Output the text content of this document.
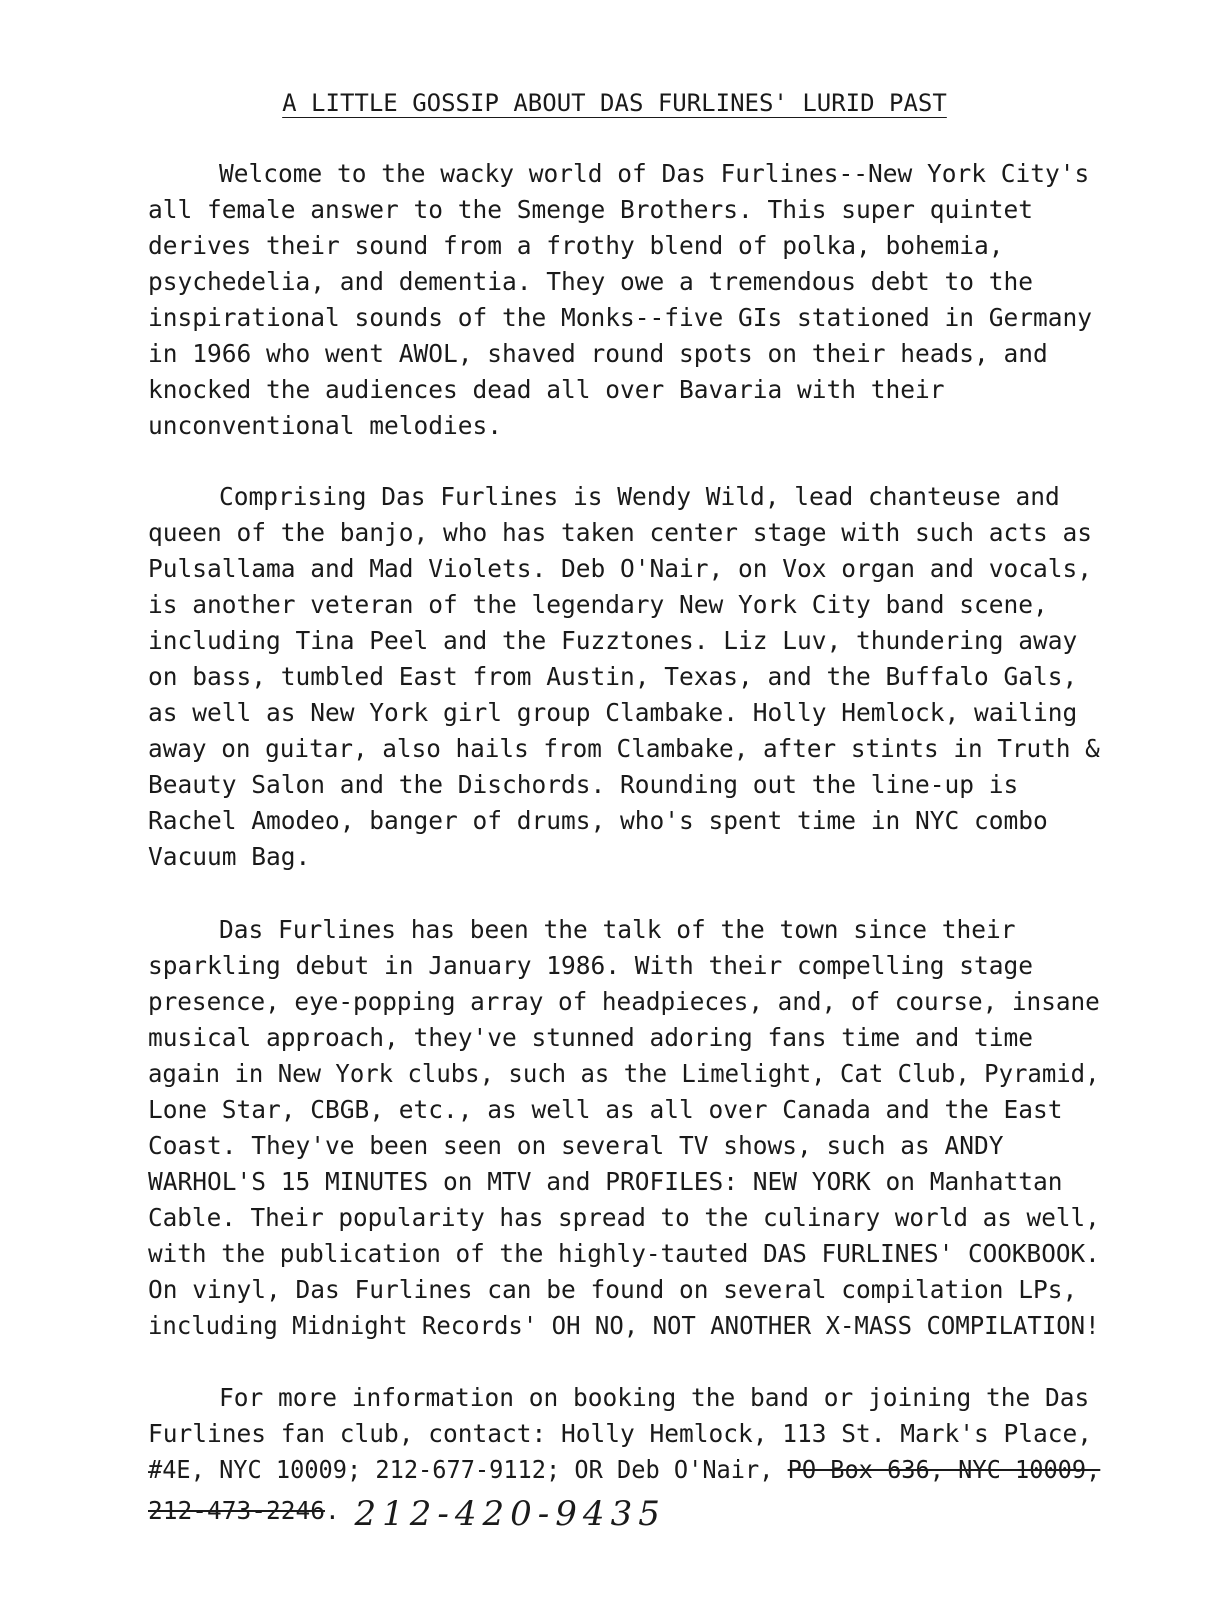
A LITTLE GOSSIP ABOUT DAS FURLINES' LURID PAST
Welcome to the wacky world of Das Furlines--New York City's
all female answer to the Smenge Brothers. This super quintet
derives their sound from a frothy blend of polka, bohemia,
psychedelia, and dementia. They owe a tremendous debt to the
inspirational sounds of the Monks--five GIs stationed in Germany
in 1966 who went AWOL, shaved round spots on their heads, and
knocked the audiences dead all over Bavaria with their
unconventional melodies.
Comprising Das Furlines is Wendy Wild, lead chanteuse and
queen of the banjo, who has taken center stage with such acts as
Pulsallama and Mad Violets. Deb O'Nair, on Vox organ and vocals,
is another veteran of the legendary New York City band scene,
including Tina Peel and the Fuzztones. Liz Luv, thundering away
on bass, tumbled East from Austin, Texas, and the Buffalo Gals,
as well as New York girl group Clambake. Holly Hemlock, wailing
away on guitar, also hails from Clambake, after stints in Truth &
Beauty Salon and the Dischords. Rounding out the line-up is
Rachel Amodeo, banger of drums, who's spent time in NYC combo
Vacuum Bag.
Das Furlines has been the talk of the town since their
sparkling debut in January 1986. With their compelling stage
presence, eye-popping array of headpieces, and, of course, insane
musical approach, they've stunned adoring fans time and time
again in New York clubs, such as the Limelight, Cat Club, Pyramid,
Lone Star, CBGB, etc., as well as all over Canada and the East
Coast. They've been seen on several TV shows, such as ANDY
WARHOL'S 15 MINUTES on MTV and PROFILES: NEW YORK on Manhattan
Cable. Their popularity has spread to the culinary world as well,
with the publication of the highly-tauted DAS FURLINES' COOKBOOK.
On vinyl, Das Furlines can be found on several compilation LPs,
including Midnight Records' OH NO, NOT ANOTHER X-MASS COMPILATION!
For more information on booking the band or joining the Das
Furlines fan club, contact: Holly Hemlock, 113 St. Mark's Place,
#4E, NYC 10009; 212-677-9112; OR Deb O'Nair, PO Box 636, NYC 10009,
212-473-2246. 212-420-9435
